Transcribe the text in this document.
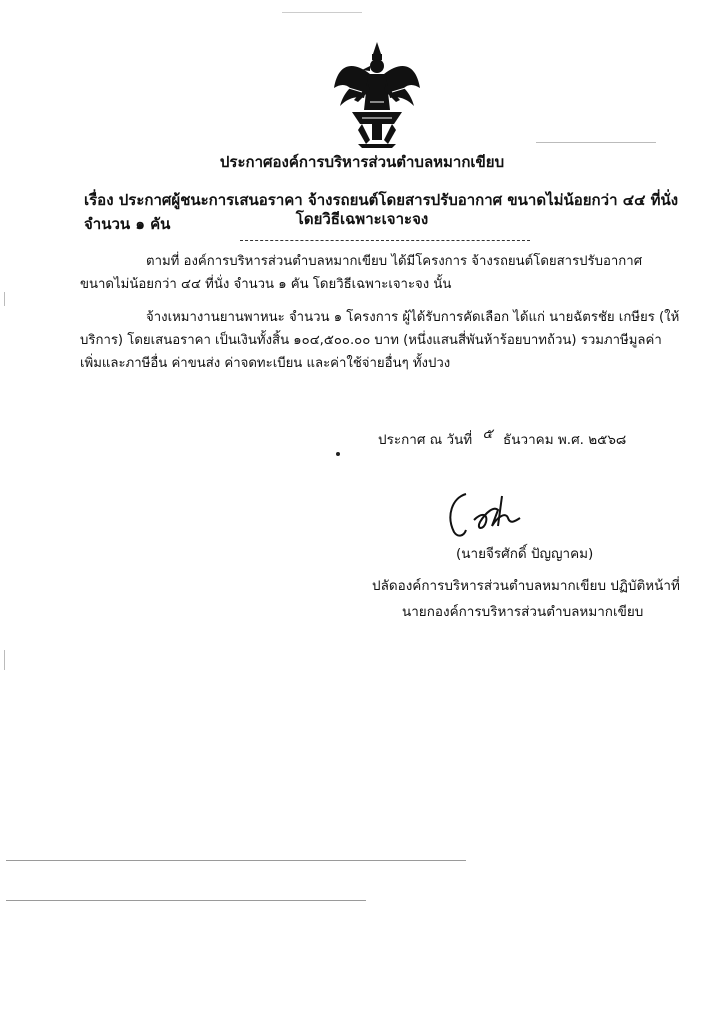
ประกาศองค์การบริหารส่วนตำบลหมากเขียบ
เรื่อง ประกาศผู้ชนะการเสนอราคา จ้างรถยนต์โดยสารปรับอากาศ ขนาดไม่น้อยกว่า ๔๔ ที่นั่ง จำนวน ๑ คัน	โดยวิธีเฉพาะเจาะจง
ตามที่ องค์การบริหารส่วนตำบลหมากเขียบ ได้มีโครงการ จ้างรถยนต์โดยสารปรับอากาศ ขนาดไม่น้อยกว่า ๔๔ ที่นั่ง จำนวน ๑ คัน โดยวิธีเฉพาะเจาะจง นั้น
จ้างเหมางานยานพาหนะ จำนวน ๑ โครงการ ผู้ได้รับการคัดเลือก ได้แก่ นายฉัตรชัย เกษียร (ให้บริการ) โดยเสนอราคา เป็นเงินทั้งสิ้น ๑๐๔,๕๐๐.๐๐ บาท (หนึ่งแสนสี่พันห้าร้อยบาทถ้วน) รวมภาษีมูลค่าเพิ่มและภาษีอื่น ค่าขนส่ง ค่าจดทะเบียน และค่าใช้จ่ายอื่นๆ ทั้งปวง
ประกาศ ณ วันที่ ๕ ธันวาคม พ.ศ. ๒๕๖๘
(นายจีรศักดิ์ ปัญญาคม)
ปลัดองค์การบริหารส่วนตำบลหมากเขียบ ปฏิบัติหน้าที่
นายกองค์การบริหารส่วนตำบลหมากเขียบ
